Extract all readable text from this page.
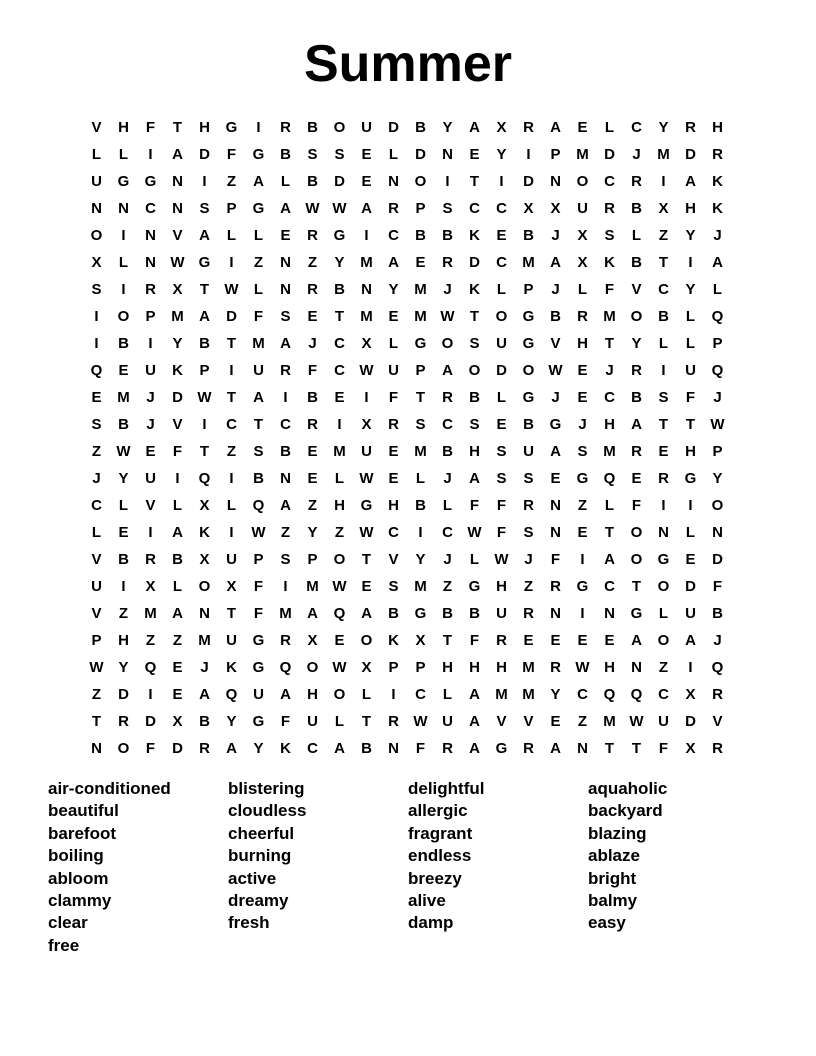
Summer
V	H	F	T	H	G	I	R	B	O	U	D	B	Y	A	X	R	A	E	L	C	Y	R	H
L	L	I	A	D	F	G	B	S	S	E	L	D	N	E	Y	I	P	M	D	J	M	D	R
U	G	G	N	I	Z	A	L	B	D	E	N	O	I	T	I	D	N	O	C	R	I	A	K
N	N	C	N	S	P	G	A W W A	R	P	S	C	C	X	X	U	R	B	X	H	K
O	I	N	V	A	L	L	E	R	G	I	C	B	B	K	E	B	J	X	S	L	Z	Y	J
X	L	N W G	I	Z	N	Z	Y	M	A	E	R	D	C	M	A	X	K	B	T	I	A
S	I	R	X	T	W	L	N	R	B	N	Y	M	J	K	L	P	J	L	F	V	C	Y	L
I	O	P	M	A	D	F	S	E	T	M	E	M W	T	O	G	B	R	M O	B	L	Q
I	B	I	Y	B	T	M	A	J	C	X	L	G	O	S	U	G	V	H	T	Y	L	L	P
Q	E	U	K	P	I	U	R	F	C W U	P	A	O	D	O W E	J	R	I	U	Q
E	M	J	D W	T	A	I	B	E	I	F	T	R	B	L	G	J	E	C	B	S	F	J
S	B	J	V	I	C	T	C	R	I	X	R	S	C	S	E	B	G	J	H	A	T	T	W
Z	W E	F	T	Z	S	B	E	M	U	E	M	B	H	S	U	A	S	M	R	E	H	P
J	Y	U	I	Q	I	B	N	E	L	W E	L	J	A	S	S	E	G	Q	E	R	G	Y
C	L	V	L	X	L	Q	A	Z	H	G	H	B	L	F	F	R	N	Z	L	F	I	I	O
L	E	I	A	K	I	W	Z	Y	Z	W C	I	C W	F	S	N	E	T	O	N	L	N
V	B	R	B	X	U	P	S	P	O	T	V	Y	J	L	W	J	F	I	A	O	G	E	D
U	I	X	L	O	X	F	I	M W E	S	M	Z	G	H	Z	R	G	C	T	O	D	F
V	Z	M	A	N	T	F	M	A	Q	A	B	G	B	B	U	R	N	I	N	G	L	U	B
P	H	Z	Z	M	U	G	R	X	E	O	K	X	T	F	R	E	E	E	E	A	O	A	J
W Y	Q	E	J	K	G	Q	O W X	P	P	H	H	H	M	R W H	N	Z	I	Q
Z	D	I	E	A	Q	U	A	H	O	L	I	C	L	A	M M	Y	C	Q	Q	C	X	R
T	R	D	X	B	Y	G	F	U	L	T	R W U	A	V	V	E	Z	M W U	D	V
N	O	F	D	R	A	Y	K	C	A	B	N	F	R	A	G	R	A	N	T	T	F	X	R
air-conditioned
beautiful
barefoot
boiling
abloom
clammy
clear
free
blistering
cloudless
cheerful
burning
active
dreamy
fresh
delightful
allergic
fragrant
endless
breezy
alive
damp
aquaholic
backyard
blazing
ablaze
bright
balmy
easy
